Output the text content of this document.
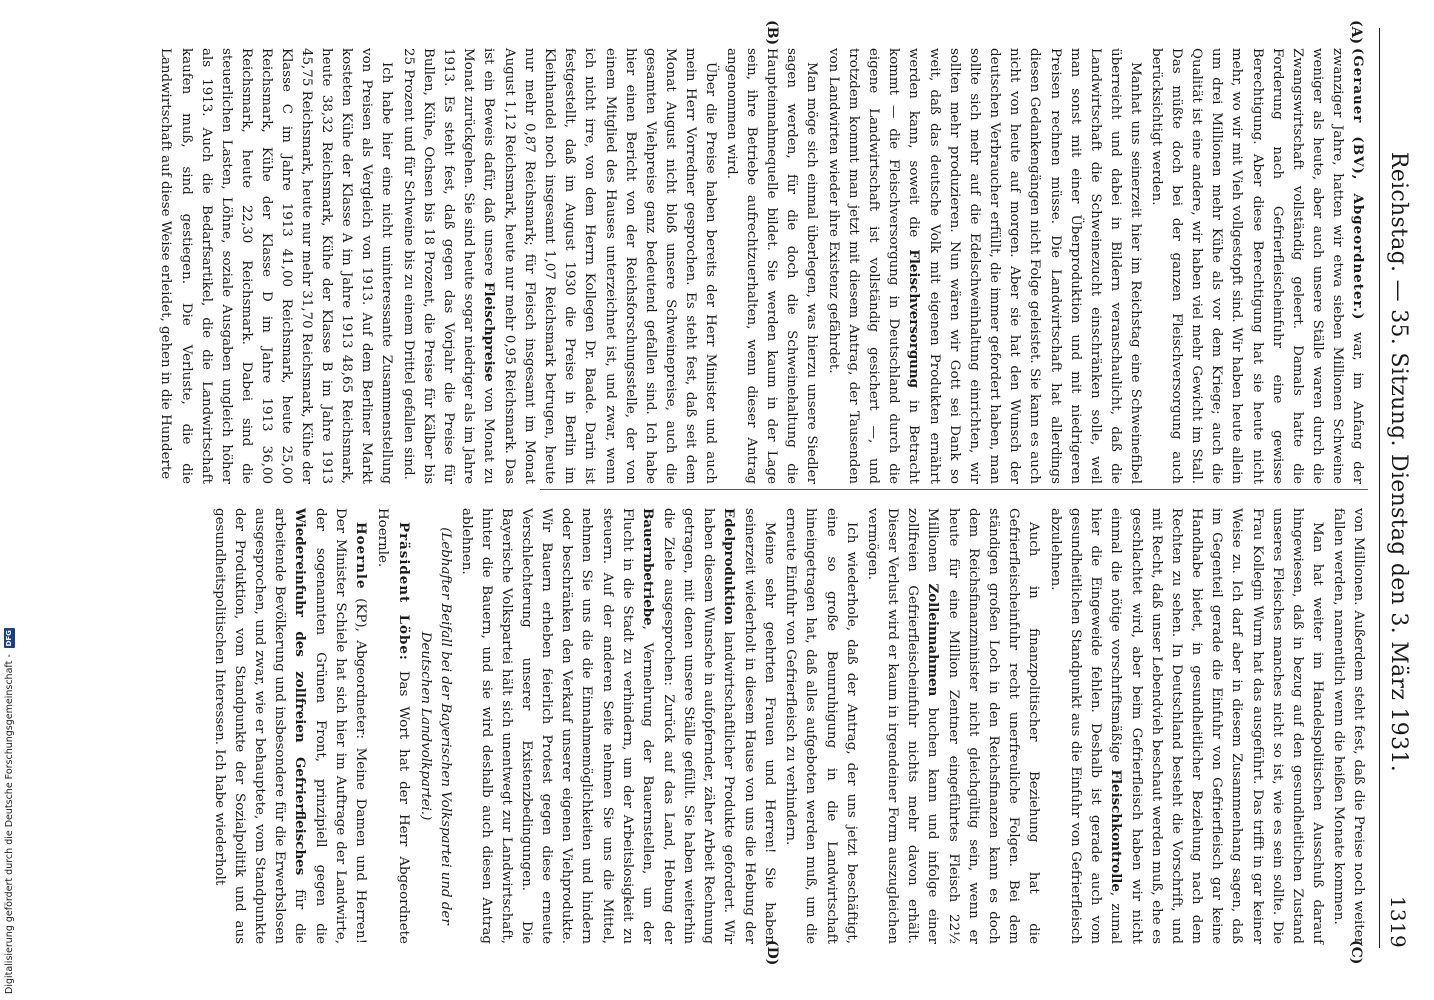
Reichstag. — 35. Sitzung. Dienstag den 3. März 1931.
1319
(A)
(B)
(C)
(D)

(Gerauer (BV), Abgeordneter.) war, im Anfang der zwanziger Jahre, hatten wir etwa sieben Millionen Schweine weniger als heute, aber auch unsere Ställe waren durch die Zwangswirtschaft vollständig geleert. Damals hatte die Forderung nach Gefrierfleischeinfuhr eine gewisse Berechtigung. Aber diese Berechtigung hat sie heute nicht mehr, wo wir mit Vieh vollgestopft sind. Wir haben heute allein um drei Millionen mehr Kühe als vor dem Kriege; auch die Qualität ist eine andere, wir haben viel mehr Gewicht im Stall. Das müßte doch bei der ganzen Fleischversorgung auch berücksichtigt werden.

Manhat uns seinerzeit hier im Reichstag eine Schweinefibel überreicht und dabei in Bildern veranschaulicht, daß die Landwirtschaft die Schweinezucht einschränken solle, weil man sonst mit einer Überproduktion und mit niedrigeren Preisen rechnen müsse. Die Landwirtschaft hat allerdings diesen Gedankengängen nicht Folge geleistet. Sie kann es auch nicht von heute auf morgen. Aber sie hat den Wunsch der deutschen Verbraucher erfüllt, die immer gefordert haben, man sollte sich mehr auf die Edelschweinhaltung einrichten, wir sollten mehr produzieren. Nun wären wir Gott sei Dank so weit, daß das deutsche Volk mit eigenen Produkten ernährt werden kann, soweit die Fleischversorgung in Betracht kommt — die Fleischversorgung in Deutschland durch die eigene Landwirtschaft ist vollständig gesichert —, und trotzdem kommt man jetzt mit diesem Antrag, der Tausenden von Landwirten wieder ihre Existenz gefährdet.

Man möge sich einmal überlegen, was hierzu unsere Siedler sagen werden, für die doch die Schweinehaltung die Haupteinnahmequelle bildet. Sie werden kaum in der Lage sein, ihre Betriebe aufrechtzuerhalten, wenn dieser Antrag angenommen wird.

Über die Preise haben bereits der Herr Minister und auch mein Herr Vorredner gesprochen. Es steht fest, daß seit dem Monat August nicht bloß unsere Schweinepreise, auch die gesamten Viehpreise ganz bedeutend gefallen sind. Ich habe hier einen Bericht von der Reichsforschungsstelle, der von einem Mitglied des Hauses unterzeichnet ist, und zwar, wenn ich nicht irre, von dem Herrn Kollegen Dr. Baade. Darin ist festgestellt, daß im August 1930 die Preise in Berlin im Kleinhandel noch insgesamt 1,07 Reichsmark betrugen, heute nur mehr 0,87 Reichsmark; für Fleisch insgesamt im Monat August 1,12 Reichsmark, heute nur mehr 0,95 Reichsmark. Das ist ein Beweis dafür, daß unsere Fleischpreise von Monat zu Monat zurückgehen. Sie sind heute sogar niedriger als im Jahre 1913. Es steht fest, daß gegen das Vorjahr die Preise für Bullen, Kühe, Ochsen bis 18 Prozent, die Preise für Kälber bis 25 Prozent und für Schweine bis zu einem Drittel gefallen sind.

Ich habe hier eine nicht uninteressante Zusammenstellung von Preisen als Vergleich von 1913. Auf dem Berliner Markt kosteten Kühe der Klasse A im Jahre 1913 48,65 Reichsmark, heute 38,32 Reichsmark, Kühe der Klasse B im Jahre 1913 45,75 Reichsmark, heute nur mehr 31,70 Reichsmark, Kühe der Klasse C im Jahre 1913 41,00 Reichsmark, heute 25,00 Reichsmark, Kühe der Klasse D im Jahre 1913 36,00 Reichsmark, heute 22,30 Reichsmark. Dabei sind die steuerlichen Lasten, Löhne, soziale Ausgaben ungleich höher als 1913. Auch die Bedarfsartikel, die die Landwirtschaft kaufen muß, sind gestiegen. Die Verluste, die die Landwirtschaft auf diese Weise erleidet, gehen in die Hunderte

von Millionen. Außerdem steht fest, daß die Preise noch weiter fallen werden, namentlich wenn die heißen Monate kommen.

Man hat weiter im Handelspolitischen Ausschuß darauf hingewiesen, daß in bezug auf den gesundheitlichen Zustand unseres Fleisches manches nicht so ist, wie es sein sollte. Die Frau Kollegin Wurm hat das ausgeführt. Das trifft in gar keiner Weise zu. Ich darf aber in diesem Zusammenhang sagen, daß im Gegenteil gerade die Einfuhr von Gefrierfleisch gar keine Handhabe bietet, in gesundheitlicher Beziehung nach dem Rechten zu sehen. In Deutschland besteht die Vorschrift, und mit Recht, daß unser Lebendvieh beschaut werden muß, ehe es geschlachtet wird, aber beim Gefrierfleisch haben wir nicht einmal die nötige vorschriftsmäßige Fleischkontrolle, zumal hier die Eingeweide fehlen. Deshalb ist gerade auch vom gesundheitlichen Standpunkt aus die Einfuhr von Gefrierfleisch abzulehnen.

Auch in finanzpolitischer Beziehung hat die Gefrierfleischeinfuhr recht unerfreuliche Folgen. Bei dem ständigen großen Loch in den Reichsfinanzen kann es doch dem Reichsfinanzminister nicht gleichgültig sein, wenn er heute für eine Million Zentner eingeführtes Fleisch 22½ Millionen Zolleinnahmen buchen kann und infolge einer zollfreien Gefrierfleischeinfuhr nichts mehr davon erhält. Dieser Verlust wird er kaum in irgendeiner Form auszugleichen vermögen.

Ich wiederhole, daß der Antrag, der uns jetzt beschäftigt, eine so große Beunruhigung in die Landwirtschaft hineingetragen hat, daß alles aufgeboten werden muß, um die erneute Einfuhr von Gefrierfleisch zu verhindern.

Meine sehr geehrten Frauen und Herren! Sie haben seinerzeit wiederholt in diesem Hause von uns die Hebung der Edelproduktion landwirtschaftlicher Produkte gefordert. Wir haben diesem Wunsche in aufopfernder, zäher Arbeit Rechnung getragen, mit denen unsere Ställe gefüllt. Sie haben weiterhin die Ziele ausgesprochen: Zurück auf das Land, Hebung der Bauernbetriebe, Vermehrung der Bauernstellen, um der Flucht in die Stadt zu verhindern, um der Arbeitslosigkeit zu steuern. Auf der anderen Seite nehmen Sie uns die Mittel, nehmen Sie uns die die Einnahmemöglichkeiten und hindern oder beschränken den Verkauf unserer eigenen Viehprodukte. Wir Bauern erheben feierlich Protest gegen diese erneute Verschlechterung unserer Existenzbedingungen. Die Bayerische Volkspartei hält sich unentwegt zur Landwirtschaft, hinter die Bauern, und sie wird deshalb auch diesen Antrag ablehnen.

(Lebhafter Beifall bei der Bayerischen Volkspartei und der Deutschen Landvolkpartei.)

Präsident Löbe: Das Wort hat der Herr Abgeordnete Hoernle.

Hoernle (KP), Abgeordneter: Meine Damen und Herren! Der Minister Schiele hat sich hier im Auftrage der Landwirte, der sogenannten Grünen Front, prinzipiell gegen die Wiedereinfuhr des zollfreien Gefrierfleisches für die arbeitende Bevölkerung und insbesondere für die Erwerbslosen ausgesprochen, und zwar, wie er behauptete, vom Standpunkte der Produktion, vom Standpunkte der Sozialpolitik und aus gesundheitspolitischen Interessen. Ich habe wiederholt

Digitalisierung gefördert durch die Deutsche Forschungsgemeinschaft -
DFG
